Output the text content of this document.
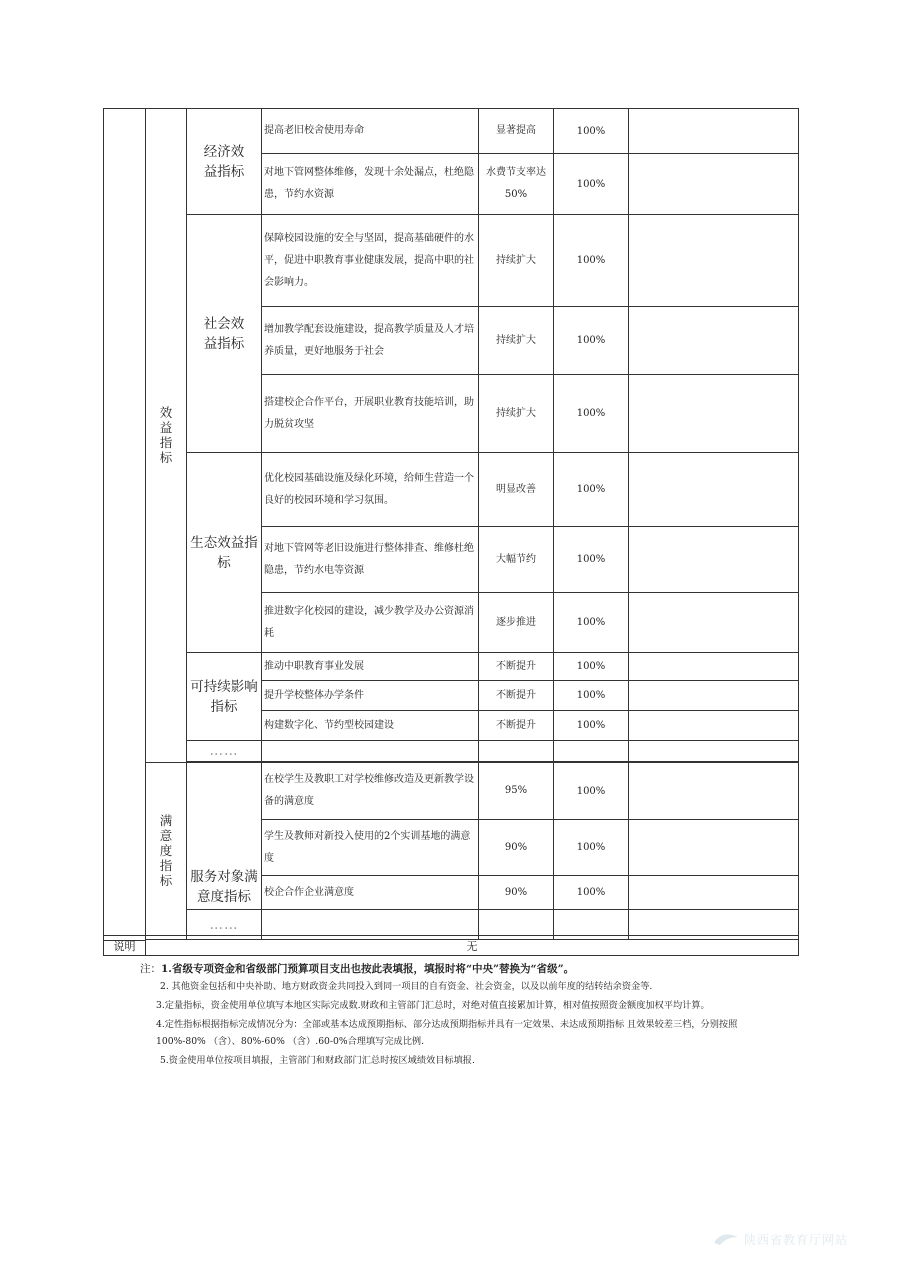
	效益指标	经济效益指标	提高老旧校舍使用寿命	显著提高	100%	
			对地下管网整体维修，发现十余处漏点，杜绝隐患，节约水资源	水费节支率达50%	100%	
		社会效益指标	保障校园设施的安全与坚固，提高基础硬件的水平，促进中职教育事业健康发展，提高中职的社会影响力。	持续扩大	100%	
			增加教学配套设施建设，提高教学质量及人才培养质量，更好地服务于社会	持续扩大	100%	
			搭建校企合作平台，开展职业教育技能培训，助力脱贫攻坚	持续扩大	100%	
		生态效益指标	优化校园基础设施及绿化环境，给师生营造一个良好的校园环境和学习氛围。	明显改善	100%	
			对地下管网等老旧设施进行整体排查、维修杜绝隐患，节约水电等资源	大幅节约	100%	
			推进数字化校园的建设，减少教学及办公资源消耗	逐步推进	100%	
		可持续影响指标	推动中职教育事业发展	不断提升	100%	
			提升学校整体办学条件	不断提升	100%	
			构建数字化、节约型校园建设	不断提升	100%	
		……				

	满意度指标	服务对象满意度指标	在校学生及教职工对学校维修改造及更新教学设备的满意度	95%	100%	
			学生及教师对新投入使用的2个实训基地的满意度	90%	100%	
			校企合作企业满意度	90%	100%	
		……				

说明	无

注：1.省级专项资金和省级部门预算项目支出也按此表填报，填报时将“中央”替换为“省级”。

2. 其他资金包括和中央补助、地方财政资金共同投入到同一项目的自有资金、社会资金，以及以前年度的结转结余资金等.

3.定量指标，资金使用单位填写本地区实际完成数.财政和主管部门汇总时，对绝对值直接累加计算，相对值按照资金额度加权平均计算。

4.定性指标根据指标完成情况分为：全部或基本达成预期指标、部分达成预期指标并具有一定效果、未达成预期指标 且效果较差三档，分别按照 100%-80% （含）、80%-60% （含）.60-0%合理填写完成比例.

5.资金使用单位按项目填报，主管部门和财政部门汇总时按区域绩效目标填报.

陕西省教育厅网站
